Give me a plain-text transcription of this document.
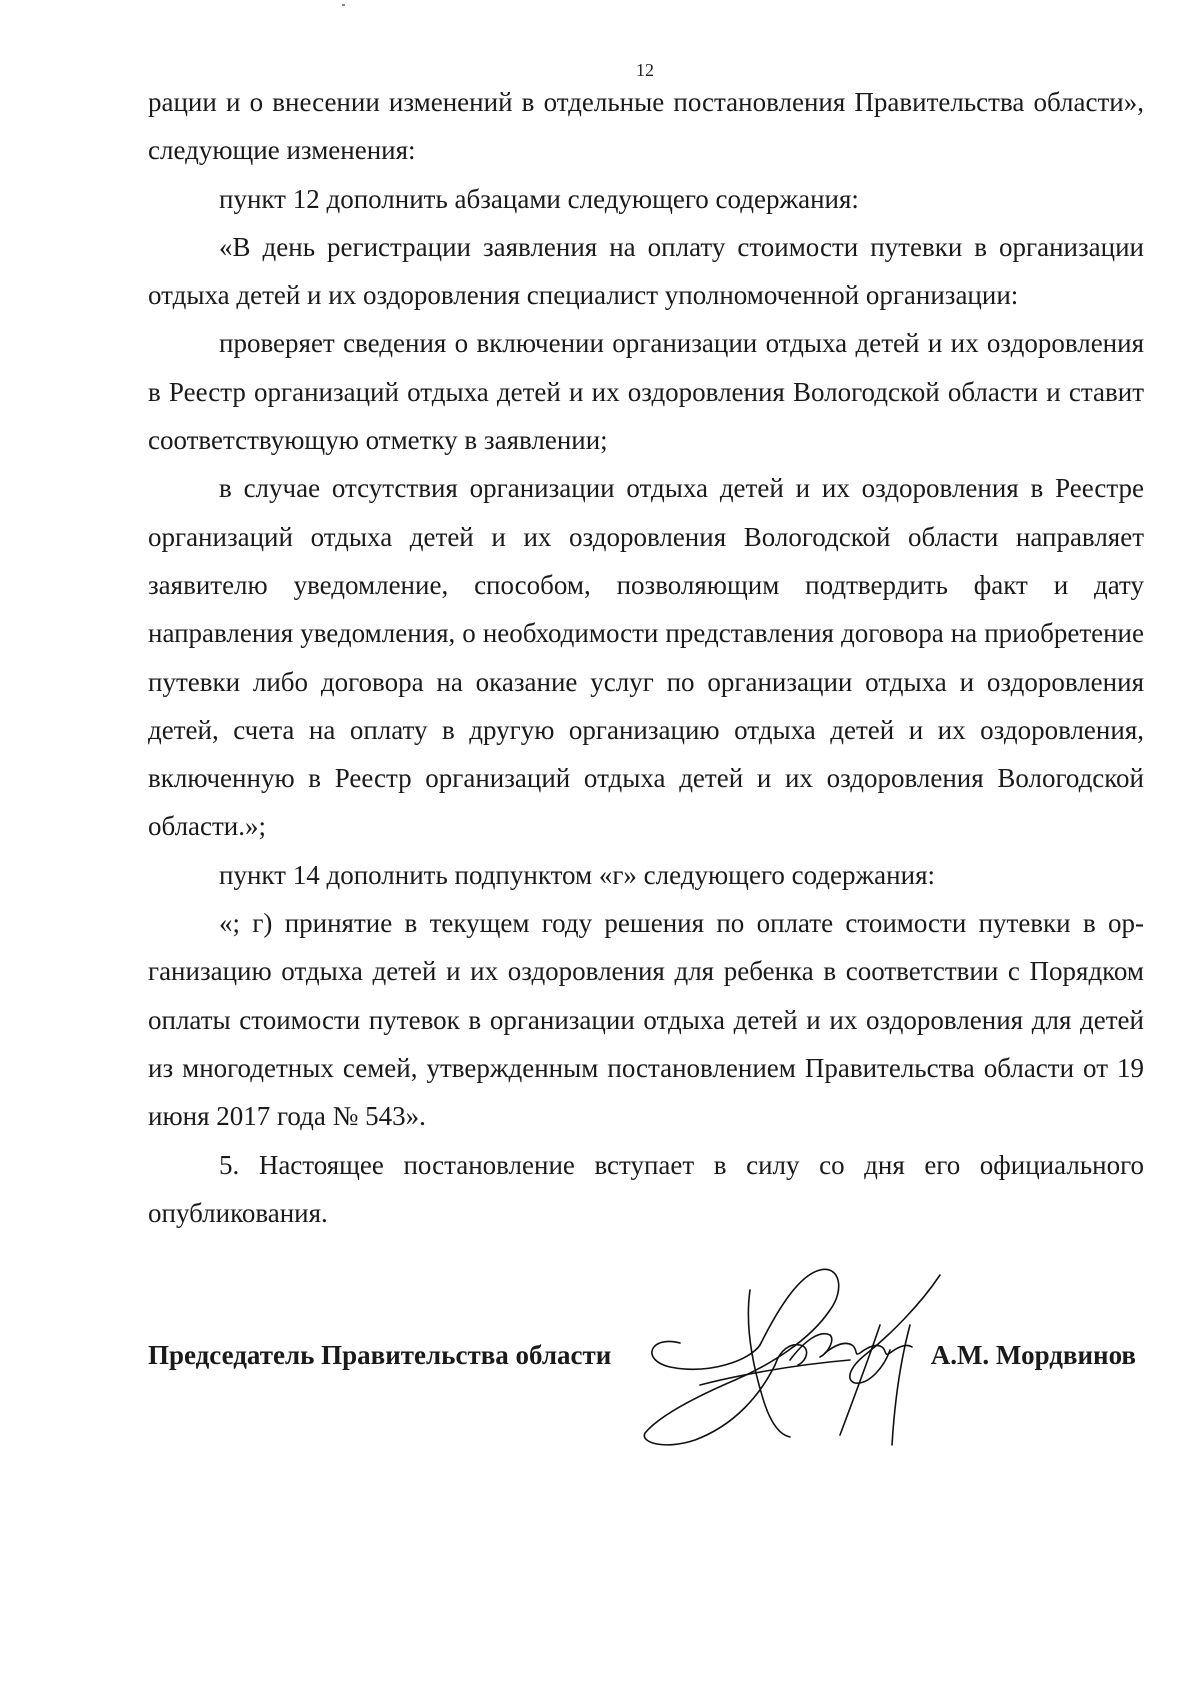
12

рации и о внесении изменений в отдельные постановления Правительства области», следующие изменения:

пункт 12 дополнить абзацами следующего содержания:

«В день регистрации заявления на оплату стоимости путевки в организации отдыха детей и их оздоровления специалист уполномоченной организации:

проверяет сведения о включении организации отдыха детей и их оздоровления в Реестр организаций отдыха детей и их оздоровления Вологодской области и ставит соответствующую отметку в заявлении;

в случае отсутствия организации отдыха детей и их оздоровления в Реестре организаций отдыха детей и их оздоровления Вологодской области направляет заявителю уведомление, способом, позволяющим подтвердить факт и дату направления уведомления, о необходимости представления договора на приобретение путевки либо договора на оказание услуг по организации отдыха и оздоровления детей, счета на оплату в другую организацию отдыха детей и их оздоровления, включенную в Реестр организаций отдыха детей и их оздоровления Вологодской области.»;

пункт 14 дополнить подпунктом «г» следующего содержания:

«; г) принятие в текущем году решения по оплате стоимости путевки в организацию отдыха детей и их оздоровления для ребенка в соответствии с Порядком оплаты стоимости путевок в организации отдыха детей и их оздоровления для детей из многодетных семей, утвержденным постановлением Правительства области от 19 июня 2017 года № 543».

5. Настоящее постановление вступает в силу со дня его официального опубликования.

Председатель Правительства области	А.М. Мордвинов
